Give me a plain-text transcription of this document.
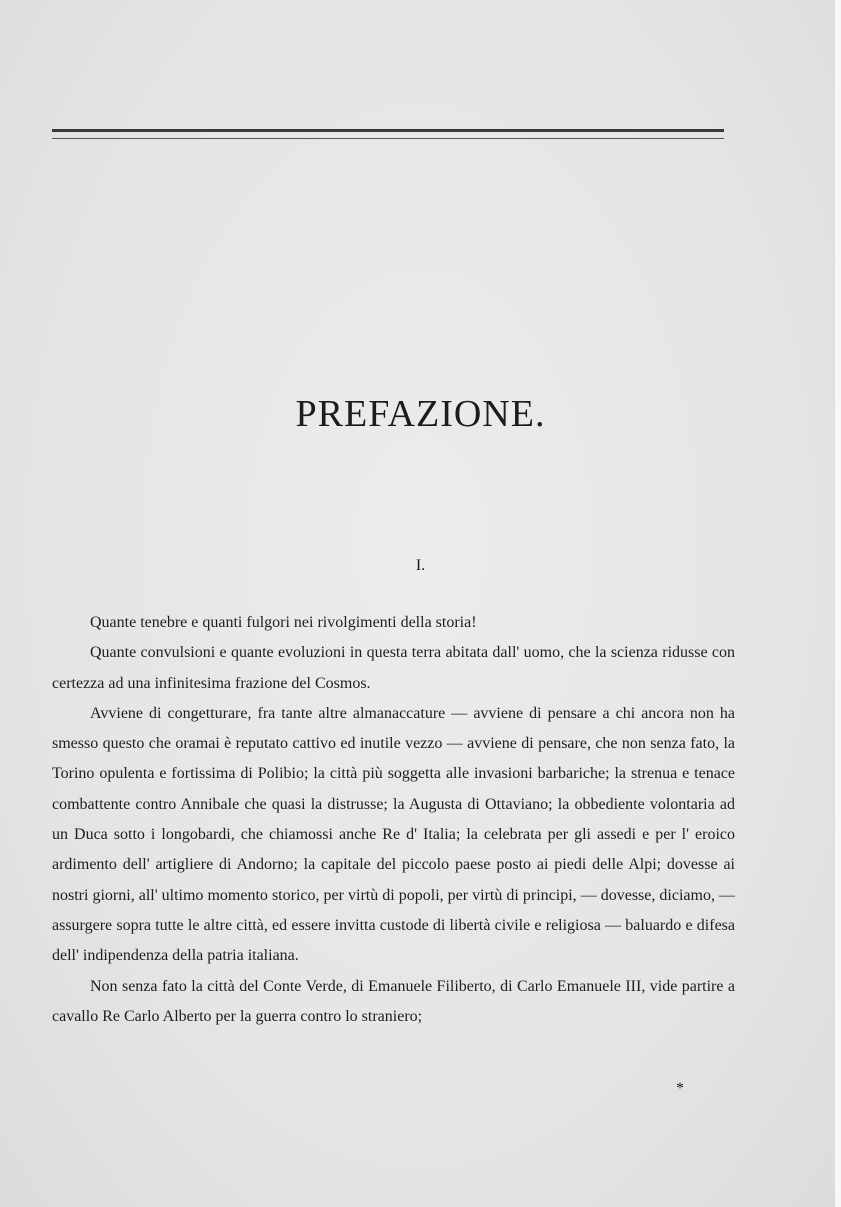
PREFAZIONE.
I.

Quante tenebre e quanti fulgori nei rivolgimenti della storia!

Quante convulsioni e quante evoluzioni in questa terra abitata dall' uomo, che la scienza ridusse con certezza ad una infinitesima frazione del Cosmos.

Avviene di congetturare, fra tante altre almanaccature — avviene di pensare a chi ancora non ha smesso questo che oramai è reputato cattivo ed inutile vezzo — avviene di pensare, che non senza fato, la Torino opulenta e fortissima di Polibio; la città più soggetta alle invasioni barbariche; la strenua e tenace combattente contro Annibale che quasi la distrusse; la Augusta di Ottaviano; la obbediente volontaria ad un Duca sotto i longobardi, che chiamossi anche Re d' Italia; la celebrata per gli assedi e per l' eroico ardimento dell' artigliere di Andorno; la capitale del piccolo paese posto ai piedi delle Alpi; dovesse ai nostri giorni, all' ultimo momento storico, per virtù di popoli, per virtù di principi, — dovesse, diciamo, — assurgere sopra tutte le altre città, ed essere invitta custode di libertà civile e religiosa — baluardo e difesa dell' indipendenza della patria italiana.

Non senza fato la città del Conte Verde, di Emanuele Filiberto, di Carlo Emanuele III, vide partire a cavallo Re Carlo Alberto per la guerra contro lo straniero;

*
